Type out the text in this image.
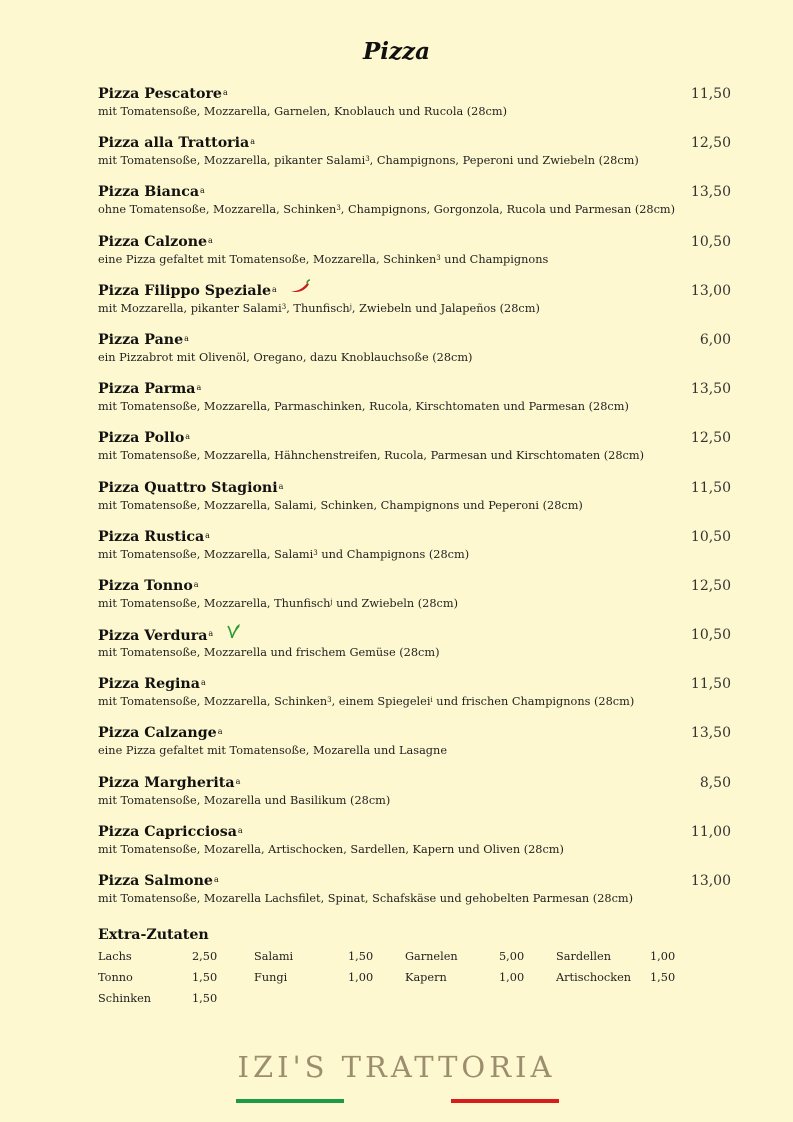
Pizza
Pizza Pescatore$^a$
mit Tomatensoße, Mozzarella, Garnelen, Knoblauch und Rucola (28cm)
11,50
Pizza alla Trattoria$^a$
mit Tomatensoße, Mozzarella, pikanter Salami$^3$, Champignons, Peperoni und Zwiebeln (28cm)
12,50
Pizza Bianca$^a$
ohne Tomatensoße, Mozzarella, Schinken$^3$, Champignons, Gorgonzola, Rucola und Parmesan (28cm)
13,50
Pizza Calzone$^a$
eine Pizza gefaltet mit Tomatensoße, Mozzarella, Schinken$^3$ und Champignons
10,50
Pizza Filippo Speziale$^a$
mit Mozzarella, pikanter Salami$^3$, Thunfisch$^j$, Zwiebeln und Jalapeños (28cm)
13,00
Pizza Pane$^a$
ein Pizzabrot mit Olivenöl, Oregano, dazu Knoblauchsoße (28cm)
6,00
Pizza Parma$^a$
mit Tomatensoße, Mozzarella, Parmaschinken, Rucola, Kirschtomaten und Parmesan (28cm)
13,50
Pizza Pollo$^a$
mit Tomatensoße, Mozzarella, Hähnchenstreifen, Rucola, Parmesan und Kirschtomaten (28cm)
12,50
Pizza Quattro Stagioni$^a$
mit Tomatensoße, Mozzarella, Salami, Schinken, Champignons und Peperoni (28cm)
11,50
Pizza Rustica$^a$
mit Tomatensoße, Mozzarella, Salami$^3$ und Champignons (28cm)
10,50
Pizza Tonno$^a$
mit Tomatensoße, Mozzarella, Thunfisch$^j$ und Zwiebeln (28cm)
12,50
Pizza Verdura$^a$
mit Tomatensoße, Mozzarella und frischem Gemüse (28cm)
10,50
Pizza Regina$^a$
mit Tomatensoße, Mozzarella, Schinken$^3$, einem Spiegelei$^i$ und frischen Champignons (28cm)
11,50
Pizza Calzange$^a$
eine Pizza gefaltet mit Tomatensoße, Mozarella und Lasagne
13,50
Pizza Margherita$^a$
mit Tomatensoße, Mozarella und Basilikum (28cm)
8,50
Pizza Capricciosa$^a$
mit Tomatensoße, Mozarella, Artischocken, Sardellen, Kapern und Oliven (28cm)
11,00
Pizza Salmone$^a$
mit Tomatensoße, Mozarella Lachsfilet, Spinat, Schafskäse und gehobelten Parmesan (28cm)
13,00
Extra-Zutaten
Lachs	2,50	Salami	1,50	Garnelen	5,00	Sardellen	1,00
Tonno	1,50	Fungi	1,00	Kapern	1,00	Artischocken 1,50
Schinken	1,50
IZI'S TRATTORIA
